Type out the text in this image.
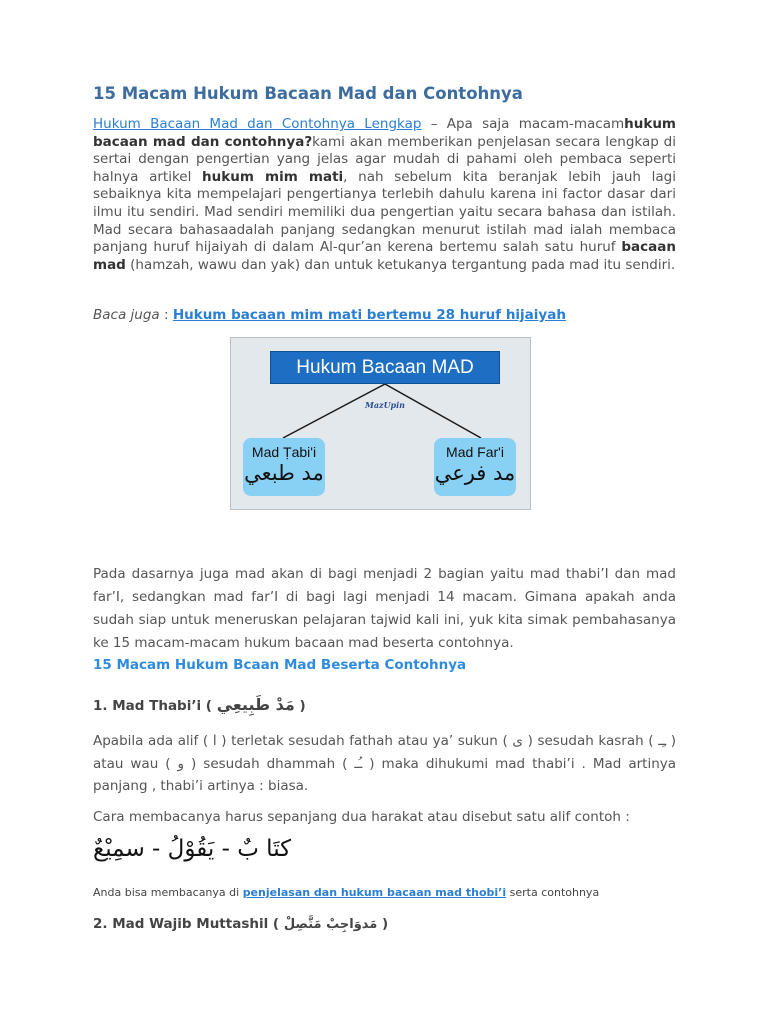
15 Macam Hukum Bacaan Mad dan Contohnya

Hukum Bacaan Mad dan Contohnya Lengkap – Apa saja macam-macamhukum bacaan mad dan contohnya?kami akan memberikan penjelasan secara lengkap di sertai dengan pengertian yang jelas agar mudah di pahami oleh pembaca seperti halnya artikel hukum mim mati, nah sebelum kita beranjak lebih jauh lagi sebaiknya kita mempelajari pengertianya terlebih dahulu karena ini factor dasar dari ilmu itu sendiri. Mad sendiri memiliki dua pengertian yaitu secara bahasa dan istilah. Mad secara bahasaadalah panjang sedangkan menurut istilah mad ialah membaca panjang huruf hijaiyah di dalam Al-qur’an kerena bertemu salah satu huruf bacaan mad (hamzah, wawu dan yak) dan untuk ketukanya tergantung pada mad itu sendiri.

Baca juga : Hukum bacaan mim mati bertemu 28 huruf hijaiyah
Hukum Bacaan MAD
MazUpin
Mad Ṭabi'i
مد طبعي
Mad Far'i
مد فرعي

Pada dasarnya juga mad akan di bagi menjadi 2 bagian yaitu mad thabi’I dan mad far’I, sedangkan mad far’I di bagi lagi menjadi 14 macam. Gimana apakah anda sudah siap untuk meneruskan pelajaran tajwid kali ini, yuk kita simak pembahasanya ke 15 macam-macam hukum bacaan mad beserta contohnya.

15 Macam Hukum Bcaan Mad Beserta Contohnya
1. Mad Thabi’i ( مَدْ طَبِيعِي )

Apabila ada alif ( ا ) terletak sesudah fathah atau ya’ sukun ( ى ) sesudah kasrah ( ـِـ ) atau wau ( و ) sesudah dhammah ( ـُـ ) maka dihukumi mad thabi’i . Mad artinya panjang , thabi’i artinya : biasa.

Cara membacanya harus sepanjang dua harakat atau disebut satu alif contoh :

كتَا بٌ - يَقُوْلُ - سمِيْعٌ
Anda bisa membacanya di penjelasan dan hukum bacaan mad thobi’i serta contohnya
2. Mad Wajib Muttashil ( مَدوَاجِبْ مَتَّصِلْ )
